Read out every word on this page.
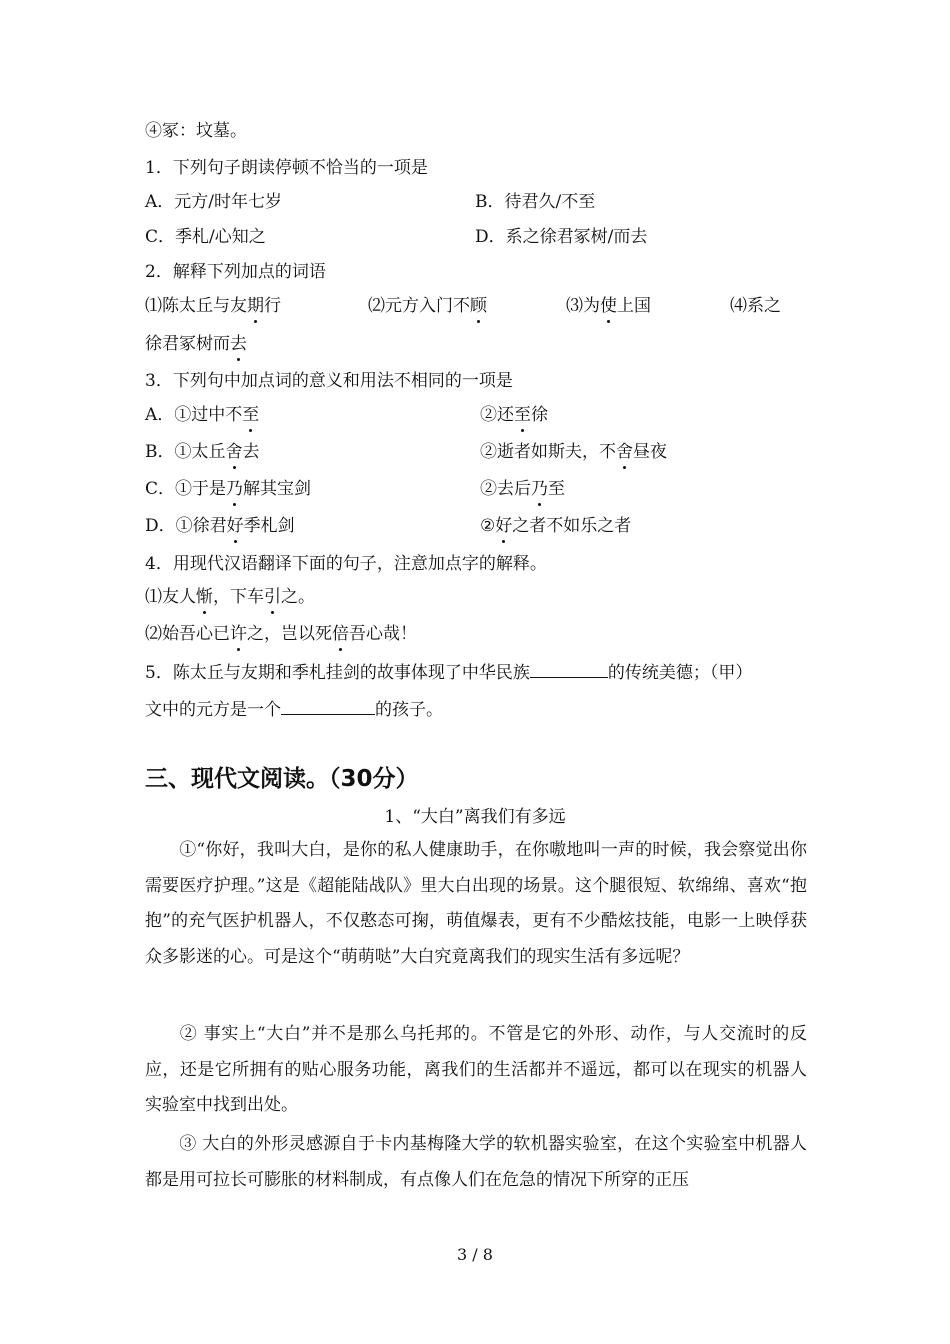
④冢：坟墓。
1．下列句子朗读停顿不恰当的一项是
A．元方/时年七岁	B．待君久/不至
C．季札/心知之	D．系之徐君冢树/而去
2．解释下列加点的词语
⑴陈太丘与友期行	⑵元方入门不顾	⑶为使上国	⑷系之
徐君冢树而去
3．下列句中加点词的意义和用法不相同的一项是
A．①过中不至	②还至徐
B．①太丘舍去	②逝者如斯夫，不舍昼夜
C．①于是乃解其宝剑	②去后乃至
D．①徐君好季札剑	②好之者不如乐之者
4．用现代汉语翻译下面的句子，注意加点字的解释。
⑴友人惭，下车引之。
⑵始吾心已许之，岂以死倍吾心哉！
5．陈太丘与友期和季札挂剑的故事体现了中华民族	的传统美德；（甲）
文中的元方是一个	的孩子。
三、现代文阅读。（30分）
1、“大白”离我们有多远
①“你好，我叫大白，是你的私人健康助手，在你嗷地叫一声的时候，我会察觉出你需要医疗护理。”这是《超能陆战队》里大白出现的场景。这个腿很短、软绵绵、喜欢“抱抱”的充气医护机器人，不仅憨态可掬，萌值爆表，更有不少酷炫技能，电影一上映俘获众多影迷的心。可是这个“萌萌哒”大白究竟离我们的现实生活有多远呢？
② 事实上“大白”并不是那么乌托邦的。不管是它的外形、动作，与人交流时的反应，还是它所拥有的贴心服务功能，离我们的生活都并不遥远，都可以在现实的机器人实验室中找到出处。
③ 大白的外形灵感源自于卡内基梅隆大学的软机器实验室，在这个实验室中机器人都是用可拉长可膨胀的材料制成，有点像人们在危急的情况下所穿的正压
3 / 8
